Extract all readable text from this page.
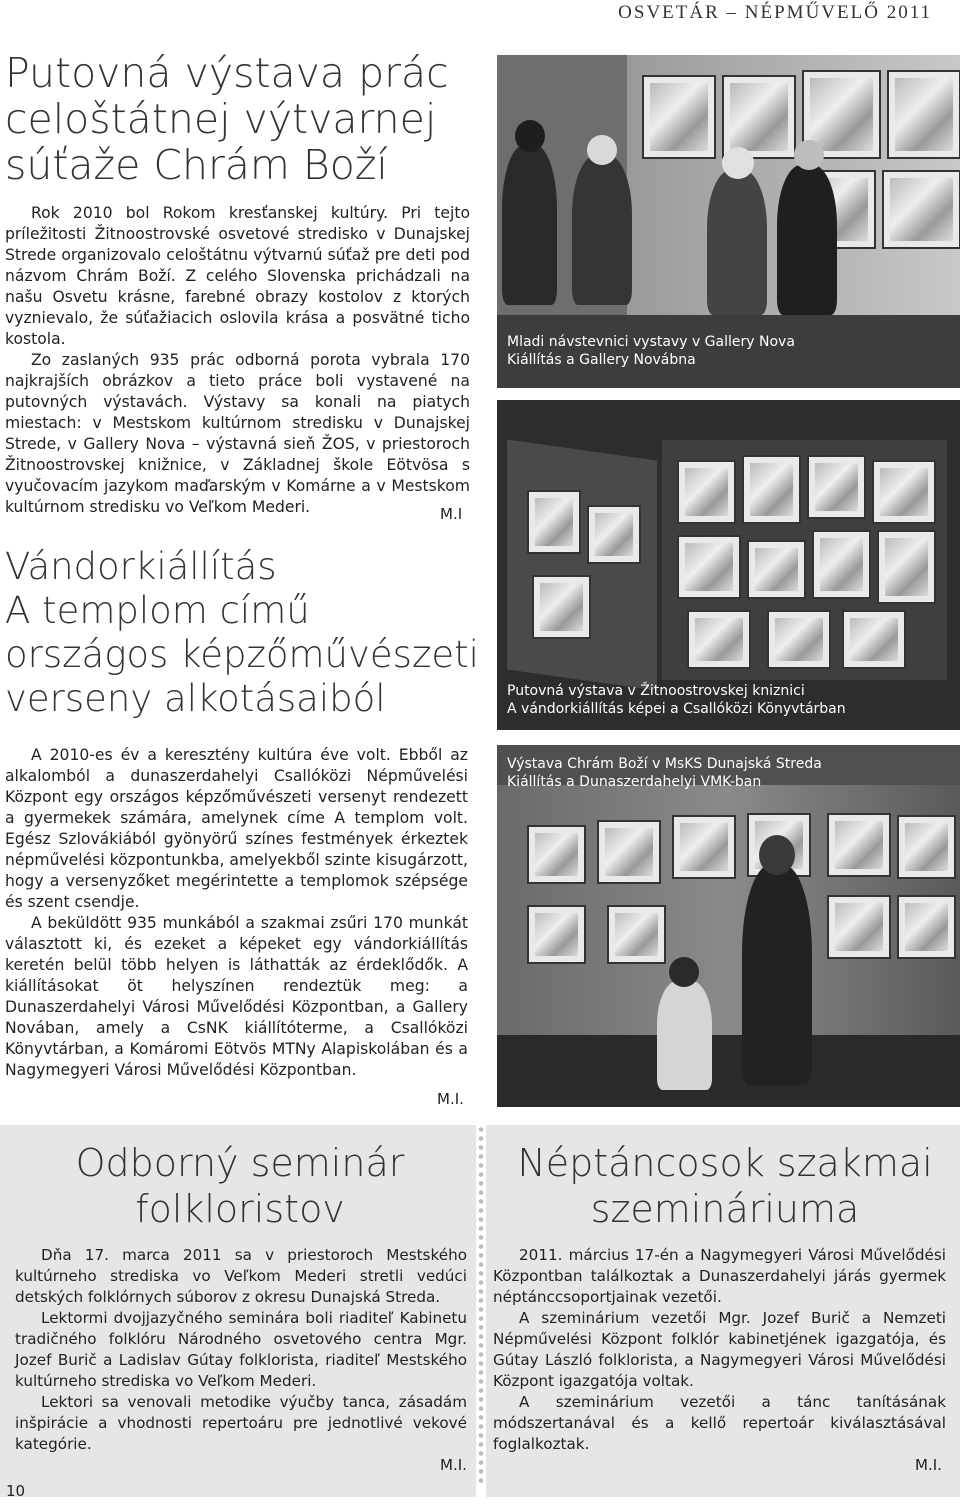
OSVETÁR – NÉPMŰVELŐ 2011
Putovná výstava prác
celoštátnej výtvarnej
súťaže Chrám Boží

Rok 2010 bol Rokom kresťanskej kultúry. Pri tejto príležitosti Žitnoostrovské osvetové stredisko v Dunajskej Strede organizovalo celoštátnu výtvarnú súťaž pre deti pod názvom Chrám Boží. Z celého Slovenska prichádzali na našu Osvetu krásne, farebné obrazy kostolov z ktorých vyznievalo, že súťažiacich oslovila krása a posvätné ticho kostola.

Zo zaslaných 935 prác odborná porota vybrala 170 najkrajších obrázkov a tieto práce boli vystavené na putovných výstavách. Výstavy sa konali na piatych miestach: v Mestskom kultúrnom stredisku v Dunajskej Strede, v Gallery Nova – výstavná sieň ŽOS, v priestoroch Žitnoostrovskej knižnice, v Základnej škole Eötvösa s vyučovacím jazykom maďarským v Komárne a v Mestskom kultúrnom stredisku vo Veľkom Mederi.	M.I
Vándorkiállítás
A templom című
országos képzőművészeti
verseny alkotásaiból

A 2010-es év a keresztény kultúra éve volt. Ebből az alkalomból a dunaszerdahelyi Csallóközi Népművelési Központ egy országos képzőművészeti versenyt rendezett a gyermekek számára, amelynek címe A templom volt. Egész Szlovákiából gyönyörű színes festmények érkeztek népművelési központunkba, amelyekből szinte kisugárzott, hogy a versenyzőket megérintette a templomok szépsége és szent csendje.

A beküldött 935 munkából a szakmai zsűri 170 munkát választott ki, és ezeket a képeket egy vándorkiállítás keretén belül több helyen is láthatták az érdeklődők. A kiállításokat öt helyszínen rendeztük meg: a Dunaszerdahelyi Városi Művelődési Központban, a Gallery Novában, amely a CsNK kiállítóterme, a Csallóközi Könyvtárban, a Komáromi Eötvös MTNy Alapiskolában és a Nagymegyeri Városi Művelődési Központban.

M.I.
Mladi návstevnici vystavy v Gallery Nova
Kiállítás a Gallery Novábna
Putovná výstava v Žitnoostrovskej kniznici
A vándorkiállítás képei a Csallóközi Könyvtárban
Výstava Chrám Boží v MsKS Dunajská Streda
Kiállítás a Dunaszerdahelyi VMK-ban
Odborný seminár
folkloristov

Dňa 17. marca 2011 sa v priestoroch Mestského kultúrneho strediska vo Veľkom Mederi stretli vedúci detských folklórnych súborov z okresu Dunajská Streda.

Lektormi dvojjazyčného seminára boli riaditeľ Kabinetu tradičného folklóru Národného osvetového centra Mgr. Jozef Burič a Ladislav Gútay folklorista, riaditeľ Mestského kultúrneho strediska vo Veľkom Mederi.

Lektori sa venovali metodike výučby tanca, zásadám inšpirácie a vhodnosti repertoáru pre jednotlivé vekové kategórie.

M.I.
Néptáncosok szakmai
szemináriuma

2011. március 17-én a Nagymegyeri Városi Művelődési Központban találkoztak a Dunaszerdahelyi járás gyermek néptánccsoportjainak vezetői.

A szeminárium vezetői Mgr. Jozef Burič a Nemzeti Népművelési Központ folklór kabinetjének igazgatója, és Gútay László folklorista, a Nagymegyeri Városi Művelődési Központ igazgatója voltak.

A szeminárium vezetői a tánc tanításának módszertanával és a kellő repertoár kiválasztásával foglalkoztak.

M.I.
10
